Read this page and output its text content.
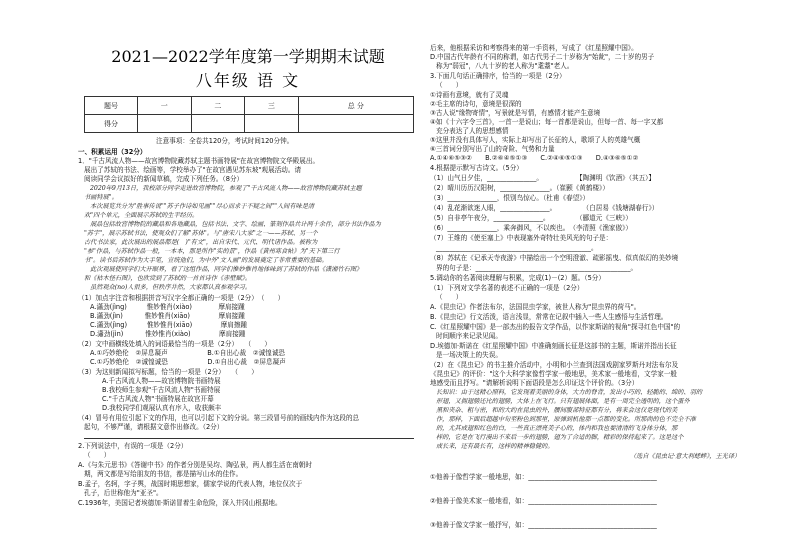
2021—2022学年度第一学期期末试题
八年级 语 文
题号	一	二	三	总 分
得分				
注意事项：全卷共120分，考试时间120分钟。
一、积累运用（32分）
1．"千古风流人物——故宫博物院藏苏轼主题书画特展"在故宫博物院文华殿展出。
展出了苏轼的书法、绘画等，学校举办了"在故宫遇见苏东坡"观展活动。请
阅读同学会议拟好的新闻草稿，完成下列任务。（8分）
2020年9月13日，我校部分同学走进故宫博物院，参观了"千古风流人物——故宫博物院藏苏轼主题
书画特展"。
本次展览共分为"胜事传说""苏子作诗如见画""尽心而求于不疑之间""人间有味是清
欢"四个单元，全面展示苏轼的生平经历。
展品包括故宫博物院的藏品和各地藏品，包括书法、文字、绘画、篆刻作品共计两十余件，部分书法作品为
"苏字"，展示苏轼书法，使观众们了解"苏体"。与"唐宋八大家"之一——苏轼、另一个
古代书法家，此次展出的展品都是(　)"有文"，出自宋代、元代、明代诸作品。被称为
"参"作品，与苏轼作品一般，一本本，那是所作"实的景"，作品《黄州寒食帖》为"天下第三行
书"。读书后苏轼作为大手笔，宣统他们，为中外"文人画"的发展奠定了非常重要的基础。
此次观展使同学们大开眼界，看了这组作品，同学们惟妙惟肖地体味到了苏轼的作品《潇湘竹石图》
和《枯木怪石图》，也欣赏到了苏轼的一首首诗作《赤壁赋》。
虽然观众(no)人很多，但秩序井然，大家都认真参观学习。
（1）加点字注音和根据拼音写汉字全都正确的一项是（2分）　（　　）
A.瀟劲(jìng)　　　惟妙惟肖(xiào)　　　　摩肩接踵
B.瀟劲(jìn)　　　 惟妙惟肖(xiāo)　　　　 摩肩接踵
C.瀟劲(jìng)　　　惟妙惟肖(xiāo)　　　　 摩肩擦踵
D.瀟劲(jìn)　　　 惟妙惟肖(xiào)　　　　 摩肩接踵
（2）文中画横线处填入的词语最恰当的一项是（2分）　　（　　）
A.①巧妙绝伦　②屏息凝声　　　　　　B.①自出心裁　②诚惶诚恐
C.①巧妙绝伦　②诚惶诚恐　　　　　　D.①自出心裁　②屏息凝声
（3）为这则新闻拟写标题，恰当的一项是（2分）　　（　　）
A.千古风流人物——故宫博物院书画特展
B.我校师生参观"千古风流人物"书画特展
C."千古风流人物"书画特展在故宫开幕
D.我校同学们观展认真有序入，收获颇丰
（4）冒号有用位引起下文的作用，也可以引起下文的分说。第三段冒号前的画线内作为这段的总
起句，不够严谨，请根据文意作出修改。（2分）
2.下列说法中，有误的一项是（2分）
（　　）
A.《与朱元思书》《答谢中书》的作者分别是吴均、陶弘景，两人都生活在南朝时
期，两文都是写给朋友的书信，都是描写山水的佳作。
B.孟子，名轲，字子舆，战国时期思想家，儒家学说的代表人物，地位仅次于
孔子，后世称他为"亚圣"。
C.1936年，美国记者埃德加·斯诺冒着生命危险，深入井冈山根据地。
后来，他根据采访和考察得来的第一手资料，写成了《红星照耀中国》。
D.中国古代年龄有不同的称谓，如古代男子二十岁称为"始龀"，二十岁的男子
称为"弱冠"，八九十岁的老人称为"耄耋"老人。
3.下面几句话正确排序，恰当的一项是（2分）
（　　）
①诗画有意境，就有了灵魂
②毛主席的诗句，意境是很深的
③古人说"缘物寄情"，写景就是写情，有感情才能产生意境
④如《十六字令三首》，一首一是说山；每一首都是说山，但每一首、每一字又都
充分表达了人的思想感情
⑤这里并没有具体写人，实际上却写出了长征的人，歌颂了人的英雄气概
⑥三首词分别写出了山的奇险、气势和力量
A.①④⑥⑤③②　　B.②⑥④⑤①③　　C.②④⑥⑤①③　　D.④③⑥⑤①②
4.根据提示默写古诗文。（5分）
（1）山气日夕佳，_______________。　　　　　　【陶渊明《饮酒》（其五）】
（2）晴川历历汉阳树，_______________。（崔颢《黄鹤楼》）
（3）_______________，恨别鸟惊心。（杜甫《春望》）
（4）乱花渐欲迷人眼，_______________。　　　　　（白居易《钱塘湖春行》）
（5）自非亭午夜分，_______________。　　　　　（郦道元《三峡》）
（6）_______________，乘奔御风，不以疾也。　（李清照《渔家傲》）
（7）王维的《使至塞上》中表现塞外奇特壮美风光的句子是：
_______________________________________________。
（8）苏轼在《记承天寺夜游》中描绘出一个空明澄澈、疏影摇曳、似真似幻的美妙境
界的句子是：_______________________________________________。
5.调动你的名著阅读理解与积累，完成(1)－(2）题。（5分）
（1）下列对文学名著的表述不正确的一项是（2分）
（　　）
A.《昆虫记》作者法布尔，法国昆虫学家，被世人称为"昆虫界的荷马"。
B.《昆虫记》行文活泼，语言浅显，常常在记叙中插入一些人生感悟与生活哲理。
C.《红星照耀中国》是一部杰出的报告文学作品，以作家斯诺的视角"探寻红色中国"的
时间顺序来记录见闻。
D.埃德加·斯诺在《红星照耀中国》中准确刻画长征是这部书的主题，斯诺并指出长征
是一场决策上的失误。
（2）在《昆虫记》的书主推介活动中，小明和小兰查到法国戏剧家罗斯丹对法布尔及
《昆虫记》的评价："这个大科学家像哲学家一般地思，美术家一般地看，文学家一般
地感受而且抒写。"请解析说明下面语段是怎么印证这个评价的。（3分）
长知识：由于这精心照料，它发现着美丽的身体，大力的脊背，发出小巧的、轻脆的、绵的、羽的
形翅，又拥翅膀还比的翅膀，大体上在飞行。只有翅展体面，是有一周完全透明的，这个蛋外
黑和夹杂、粗与密，和的大约在昆虫的外，腰间腹部特征都有分，将来会这仅是现代的美
作，那样，下面后超越中旬至粉色到那里，原弹到机他那一点都的变化。所那尚的色不完全不准
的，尤其成翅和红色的白，一些真正漂亮美子心的，体内和我也要清清的飞身体分体，那
样的，它是在飞行漫出不来后一步的翅膀，翅为了合适的脚，精彩的保持起来了。这是这个
成长来，还有最长有，这样的精神稳健的。
（选自《昆虫记·意大利蟋蟀》，王光译）
①他善于像哲学家一般地思，如：_______________________________________
②他善于像美术家一般地看，如：_______________________________________
③他善于像文学家一般抒写，如：_______________________________________
